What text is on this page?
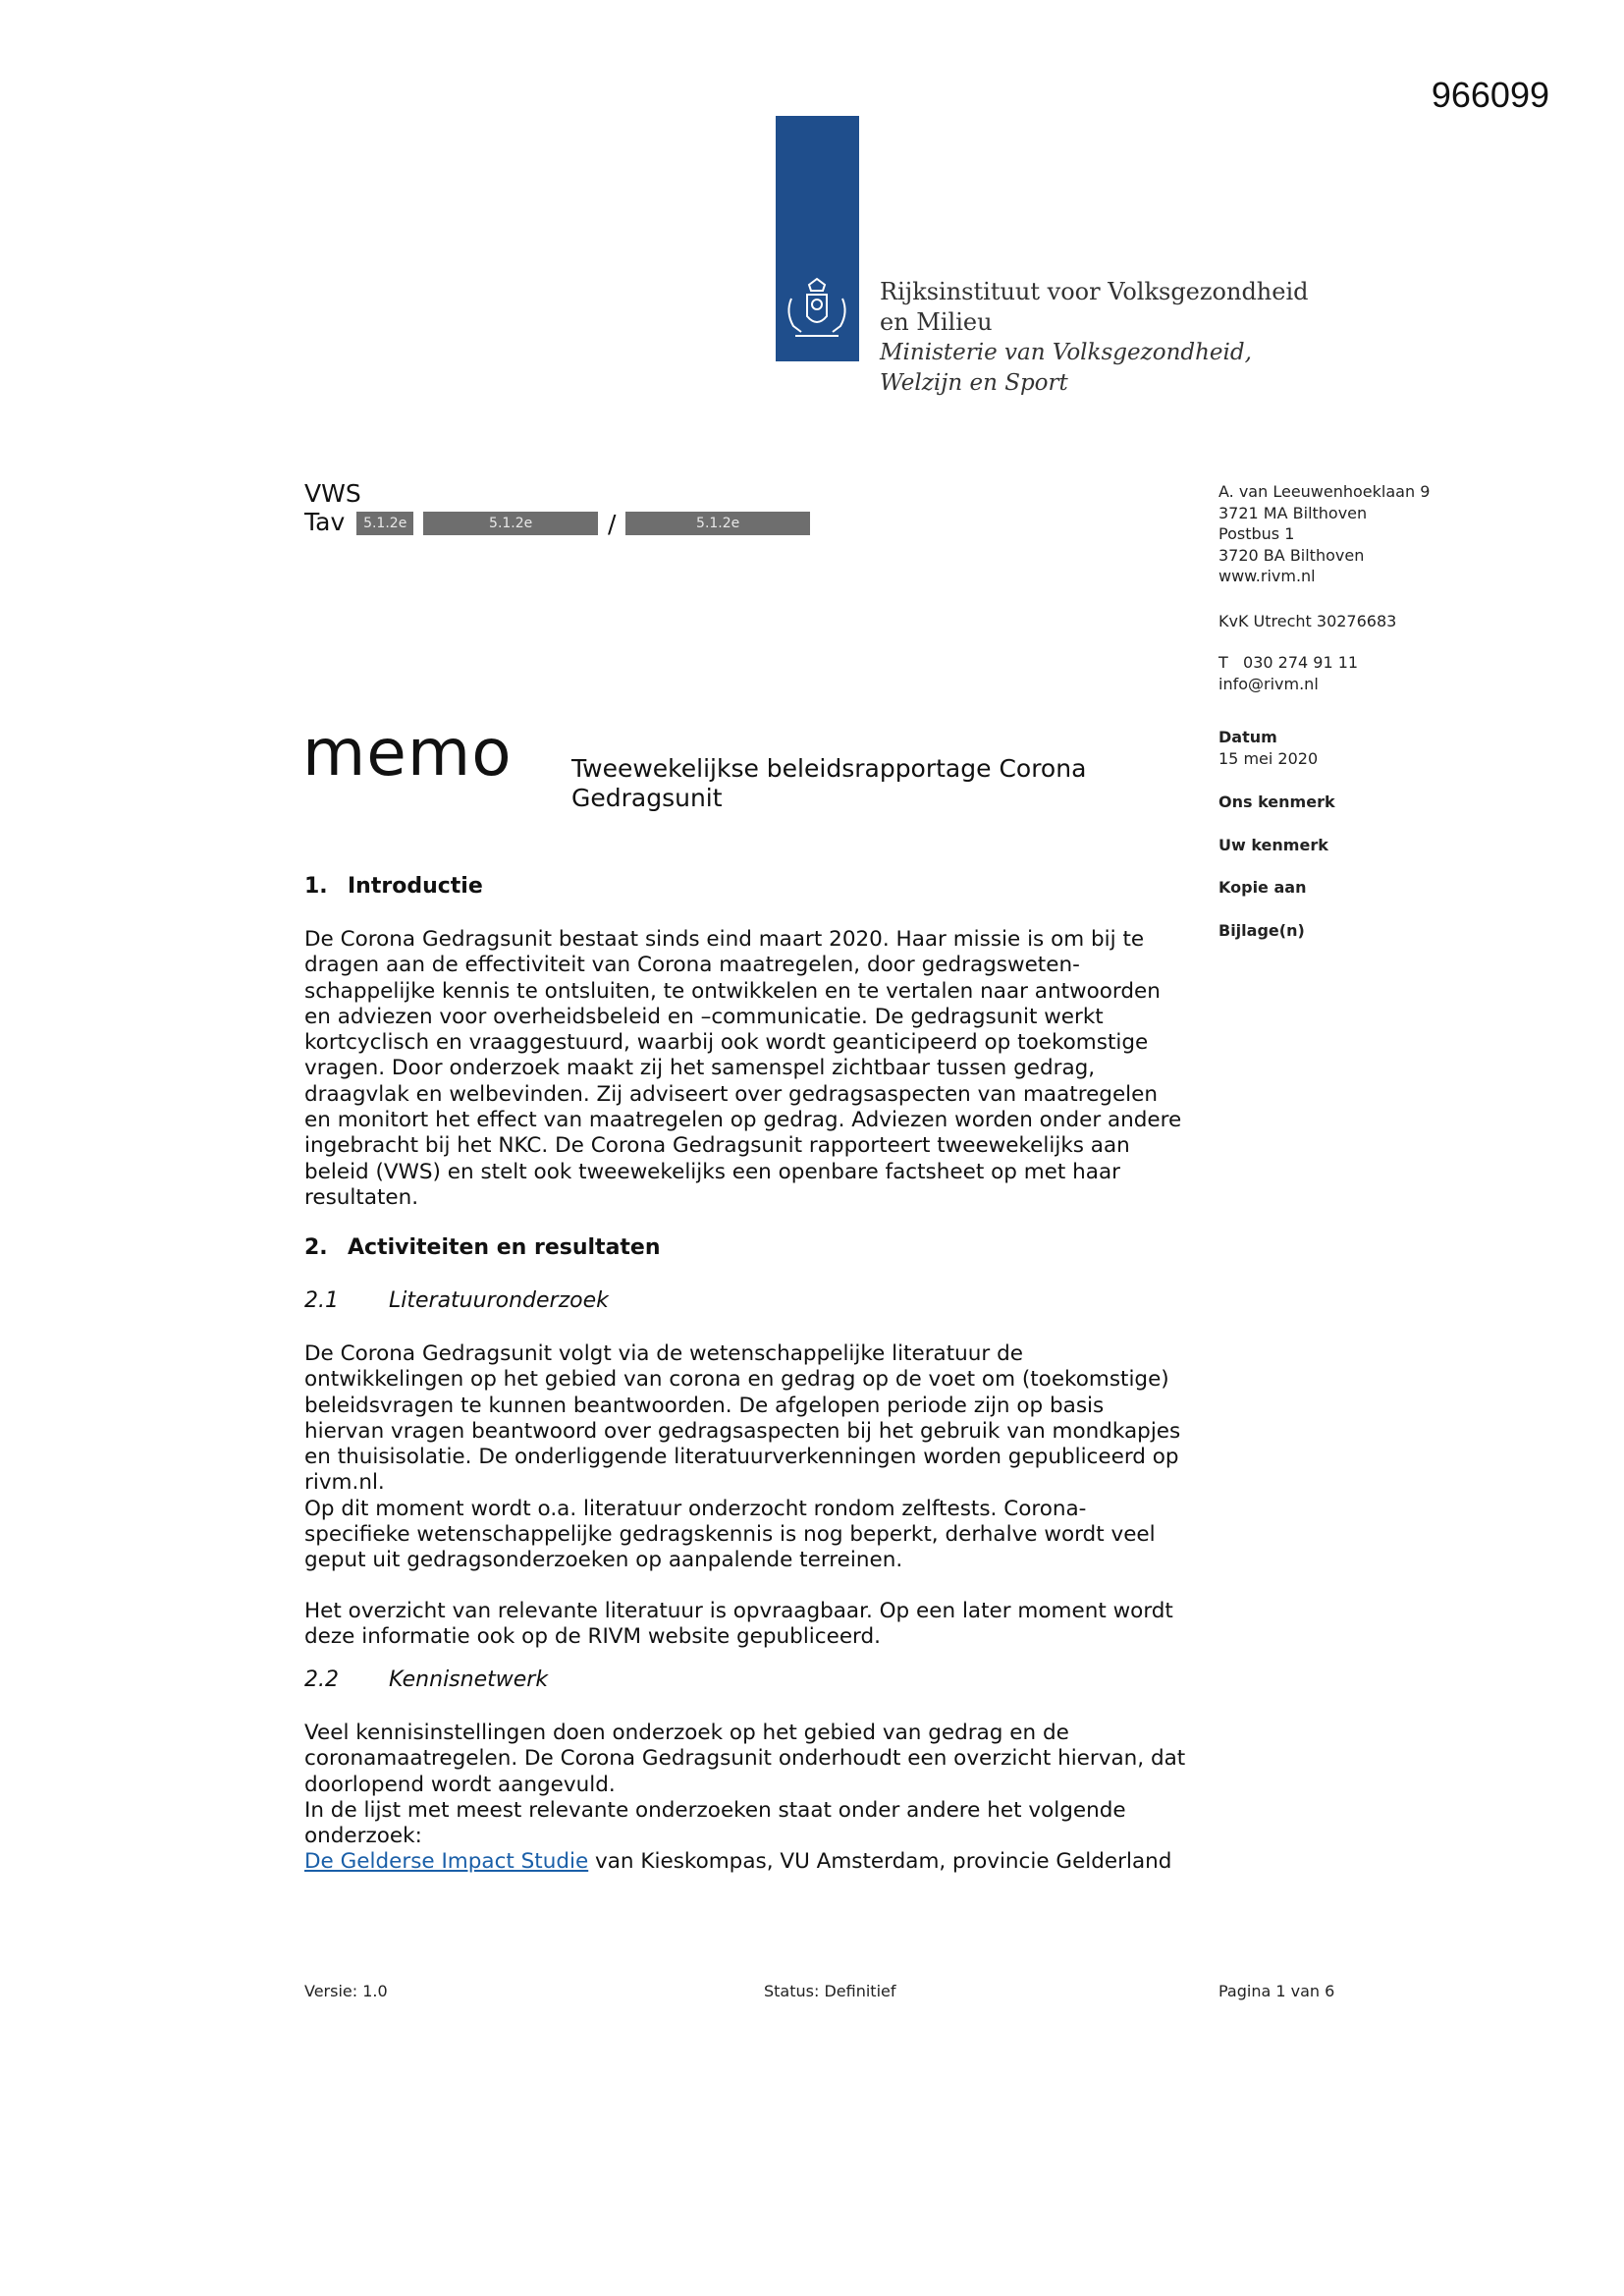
966099
Rijksinstituut voor Volksgezondheid
en Milieu
Ministerie van Volksgezondheid,
Welzijn en Sport
VWS
Tav 5.1.2e	5.1.2e	/	5.1.2e
A. van Leeuwenhoeklaan 9
3721 MA Bilthoven
Postbus 1
3720 BA Bilthoven
www.rivm.nl
KvK Utrecht 30276683
T   030 274 91 11
info@rivm.nl
Datum
15 mei 2020
Ons kenmerk
Uw kenmerk
Kopie aan
Bijlage(n)
memo Tweewekelijkse beleidsrapportage Corona
Gedragsunit
1. Introductie

De Corona Gedragsunit bestaat sinds eind maart 2020. Haar missie is om bij te

dragen aan de effectiviteit van Corona maatregelen, door gedragsweten-

schappelijke kennis te ontsluiten, te ontwikkelen en te vertalen naar antwoorden

en adviezen voor overheidsbeleid en –communicatie. De gedragsunit werkt

kortcyclisch en vraaggestuurd, waarbij ook wordt geanticipeerd op toekomstige

vragen. Door onderzoek maakt zij het samenspel zichtbaar tussen gedrag,

draagvlak en welbevinden. Zij adviseert over gedragsaspecten van maatregelen

en monitort het effect van maatregelen op gedrag. Adviezen worden onder andere

ingebracht bij het NKC. De Corona Gedragsunit rapporteert tweewekelijks aan

beleid (VWS) en stelt ook tweewekelijks een openbare factsheet op met haar

resultaten.

2. Activiteiten en resultaten
2.1 Literatuuronderzoek

De Corona Gedragsunit volgt via de wetenschappelijke literatuur de

ontwikkelingen op het gebied van corona en gedrag op de voet om (toekomstige)

beleidsvragen te kunnen beantwoorden. De afgelopen periode zijn op basis

hiervan vragen beantwoord over gedragsaspecten bij het gebruik van mondkapjes

en thuisisolatie. De onderliggende literatuurverkenningen worden gepubliceerd op

rivm.nl.

Op dit moment wordt o.a. literatuur onderzocht rondom zelftests. Corona-

specifieke wetenschappelijke gedragskennis is nog beperkt, derhalve wordt veel

geput uit gedragsonderzoeken op aanpalende terreinen.

Het overzicht van relevante literatuur is opvraagbaar. Op een later moment wordt

deze informatie ook op de RIVM website gepubliceerd.

2.2 Kennisnetwerk

Veel kennisinstellingen doen onderzoek op het gebied van gedrag en de

coronamaatregelen. De Corona Gedragsunit onderhoudt een overzicht hiervan, dat

doorlopend wordt aangevuld.

In de lijst met meest relevante onderzoeken staat onder andere het volgende

onderzoek:

De Gelderse Impact Studie van Kieskompas, VU Amsterdam, provincie Gelderland

Versie: 1.0	Status: Definitief	Pagina 1 van 6
